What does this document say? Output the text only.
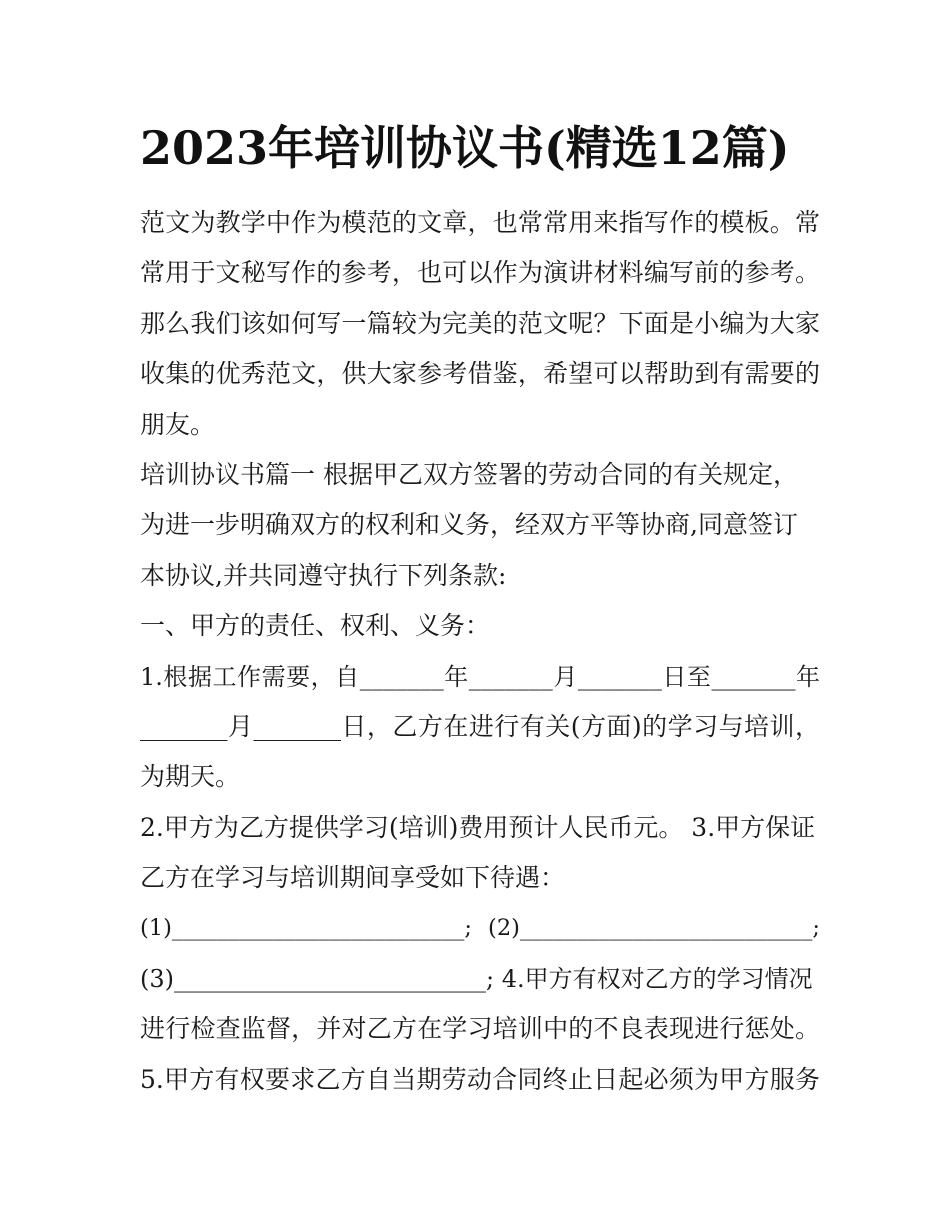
2023年培训协议书(精选12篇)
范文为教学中作为模范的文章，也常常用来指写作的模板。常
常用于文秘写作的参考，也可以作为演讲材料编写前的参考。
那么我们该如何写一篇较为完美的范文呢？下面是小编为大家
收集的优秀范文，供大家参考借鉴，希望可以帮助到有需要的
朋友。
培训协议书篇一 根据甲乙双方签署的劳动合同的有关规定，
为进一步明确双方的权利和义务，经双方平等协商,同意签订
本协议,并共同遵守执行下列条款:
一、甲方的责任、权利、义务：
1.根据工作需要，自_______年_______月_______日至_______年
_______月_______日，乙方在进行有关(方面)的学习与培训，
为期天。
2.甲方为乙方提供学习(培训)费用预计人民币元。 3.甲方保证
乙方在学习与培训期间享受如下待遇：
(1)__________________________; (2)__________________________;
(3)__________________________; 4.甲方有权对乙方的学习情况
进行检查监督，并对乙方在学习培训中的不良表现进行惩处。
5.甲方有权要求乙方自当期劳动合同终止日起必须为甲方服务
